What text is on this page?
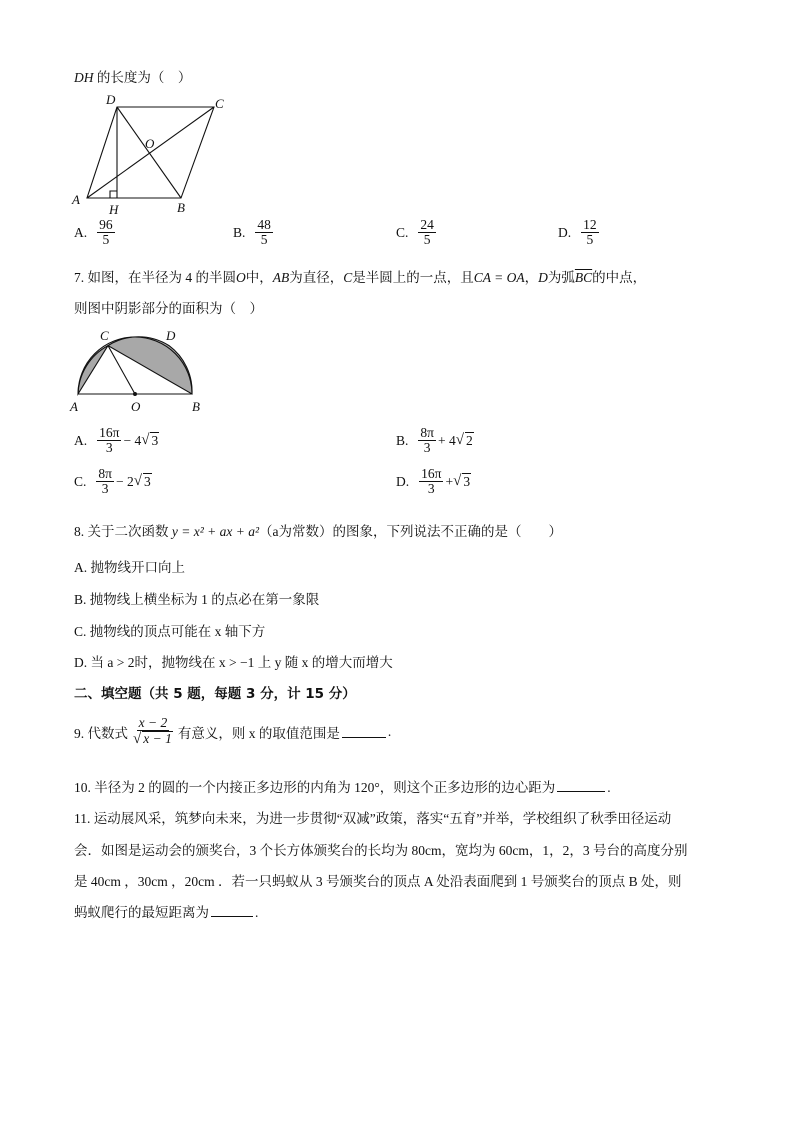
DH 的长度为（　）
A
B
C
D
O
H
A. $\frac{96}{5}$	B. $\frac{48}{5}$	C. $\frac{24}{5}$	D. $\frac{12}{5}$
7. 如图，在半径为 4 的半圆O中，AB为直径，C是半圆上的一点，且CA = OA，D为弧$\overline{BC}$的中点，
则图中阴影部分的面积为（　）
A	O	B
C	D
A. $\frac{16\pi}{3} - 4$ √ 3	B. $\frac{8\pi}{3} + 4$ √ 2
C. $\frac{8\pi}{3} - 2$ √ 3	D. $\frac{16\pi}{3}$ + √ 3
8. 关于二次函数 y = x² + ax + a²（a为常数）的图象，下列说法不正确的是（　　）
A. 抛物线开口向上
B. 抛物线上横坐标为 1 的点必在第一象限
C. 抛物线的顶点可能在 x 轴下方
D. 当 a > 2时，抛物线在 x > −1 上 y 随 x 的增大而增大
二、填空题（共 5 题，每题 3 分，计 15 分）
9. 代数式 $\frac{x - 2}{√ x - 1}$ 有意义，则 x 的取值范围是	.
10. 半径为 2 的圆的一个内接正多边形的内角为 120°，则这个正多边形的边心距为	.
11. 运动展风采，筑梦向未来，为进一步贯彻“双减”政策，落实“五育”并举，学校组织了秋季田径运动
会．如图是运动会的颁奖台，3 个长方体颁奖台的长均为 80cm，宽均为 60cm，1，2，3 号台的高度分别
是 40cm ，30cm ，20cm ．若一只蚂蚁从 3 号颁奖台的顶点 A 处沿表面爬到 1 号颁奖台的顶点 B 处，则
蚂蚁爬行的最短距离为	.
